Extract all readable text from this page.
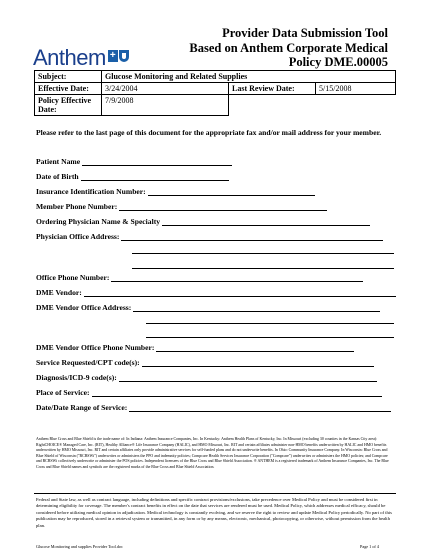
Anthem +
Provider Data Submission Tool
Based on Anthem Corporate Medical
Policy DME.00005
Subject:	Glucose Monitoring and Related Supplies		
Effective Date:	3/24/2004	Last Review Date:	5/15/2008

Policy Effective
Date:	7/9/2008		
Please refer to the last page of this document for the appropriate fax and/or mail address for your member.
Patient Name
Date of Birth
Insurance Identification Number:
Member Phone Number:
Ordering Physician Name & Specialty
Physician Office Address:
Office Phone Number:
DME Vendor:
DME Vendor Office Address:
DME Vendor Office Phone Number:
Service Requested/CPT code(s):
Diagnosis/ICD-9 code(s):
Place of Service:
Date/Date Range of Service:
Anthem Blue Cross and Blue Shield is the trade name of: In Indiana: Anthem Insurance Companies, Inc. In Kentucky: Anthem Health Plans of Kentucky, Inc. In Missouri (excluding 30 counties in the Kansas City area): RightCHOICE® Managed Care, Inc. (RIT), Healthy Alliance® Life Insurance Company (HALIC), and HMO Missouri, Inc. RIT and certain affiliates administer non-HMO benefits underwritten by HALIC and HMO benefits underwritten by HMO Missouri, Inc. RIT and certain affiliates only provide administrative services for self-funded plans and do not underwrite benefits. In Ohio: Community Insurance Company. In Wisconsin: Blue Cross and Blue Shield of Wisconsin ("BCBSWi") underwrites or administers the PPO and indemnity policies; Compcare Health Services Insurance Corporation ("Compcare") underwrites or administers the HMO policies; and Compcare and BCBSWi collectively underwrite or administer the POS policies. Independent licensees of the Blue Cross and Blue Shield Association. ® ANTHEM is a registered trademark of Anthem Insurance Companies, Inc. The Blue Cross and Blue Shield names and symbols are the registered marks of the Blue Cross and Blue Shield Association.
Federal and State law, as well as contract language, including definitions and specific contract provisions/exclusions, take precedence over Medical Policy and must be considered first in determining eligibility for coverage. The member's contract benefits in effect on the date that services are rendered must be used. Medical Policy, which addresses medical efficacy, should be considered before utilizing medical opinion in adjudication. Medical technology is constantly evolving, and we reserve the right to review and update Medical Policy periodically. No part of this publication may be reproduced, stored in a retrieval system or transmitted, in any form or by any means, electronic, mechanical, photocopying, or otherwise, without permission from the health plan.
Glucose Monitoring and supplies Provider Tool.doc	Page 1 of 4
